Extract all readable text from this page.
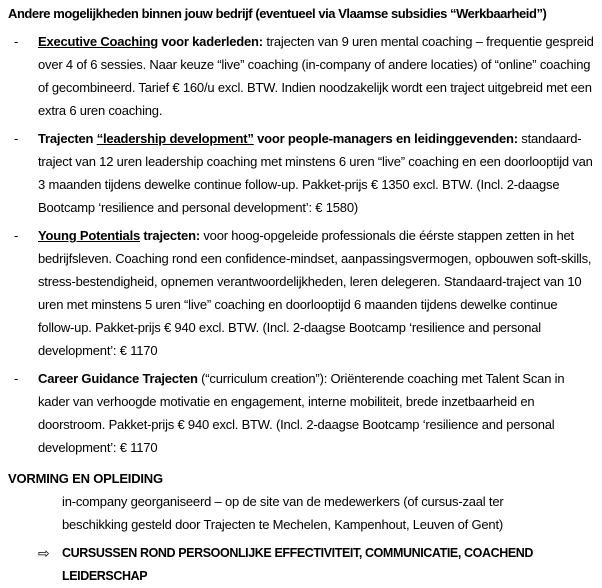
Andere mogelijkheden binnen jouw bedrijf (eventueel via Vlaamse subsidies “Werkbaarheid”)
-	Executive Coaching voor kaderleden: trajecten van 9 uren mental coaching – frequentie gespreid over 4 of 6 sessies. Naar keuze “live” coaching (in-company of andere locaties) of “online” coaching of gecombineerd. Tarief € 160/u excl. BTW. Indien noodzakelijk wordt een traject uitgebreid met een extra 6 uren coaching.
-	Trajecten “leadership development” voor people-managers en leidinggevenden: standaard-traject van 12 uren leadership coaching met minstens 6 uren “live” coaching en een doorlooptijd van 3 maanden tijdens dewelke continue follow-up. Pakket-prijs € 1350 excl. BTW. (Incl. 2-daagse Bootcamp ‘resilience and personal development’: € 1580)
-	Young Potentials trajecten: voor hoog-opgeleide professionals die éérste stappen zetten in het bedrijfsleven. Coaching rond een confidence-mindset, aanpassingsvermogen, opbouwen soft-skills, stress-bestendigheid, opnemen verantwoordelijkheden, leren delegeren. Standaard-traject van 10 uren met minstens 5 uren “live” coaching en doorlooptijd 6 maanden tijdens dewelke continue follow-up. Pakket-prijs € 940 excl. BTW. (Incl. 2-daagse Bootcamp ‘resilience and personal development’: € 1170
-	Career Guidance Trajecten (“curriculum creation”): Oriënterende coaching met Talent Scan in kader van verhoogde motivatie en engagement, interne mobiliteit, brede inzetbaarheid en doorstroom. Pakket-prijs € 940 excl. BTW. (Incl. 2-daagse Bootcamp ‘resilience and personal development’: € 1170
VORMING EN OPLEIDING

in-company georganiseerd – op de site van de medewerkers (of cursus-zaal ter beschikking gesteld door Trajecten te Mechelen, Kampenhout, Leuven of Gent)

⇨ CURSUSSEN ROND PERSOONLIJKE EFFECTIVITEIT, COMMUNICATIE, COACHEND LEIDERSCHAP
